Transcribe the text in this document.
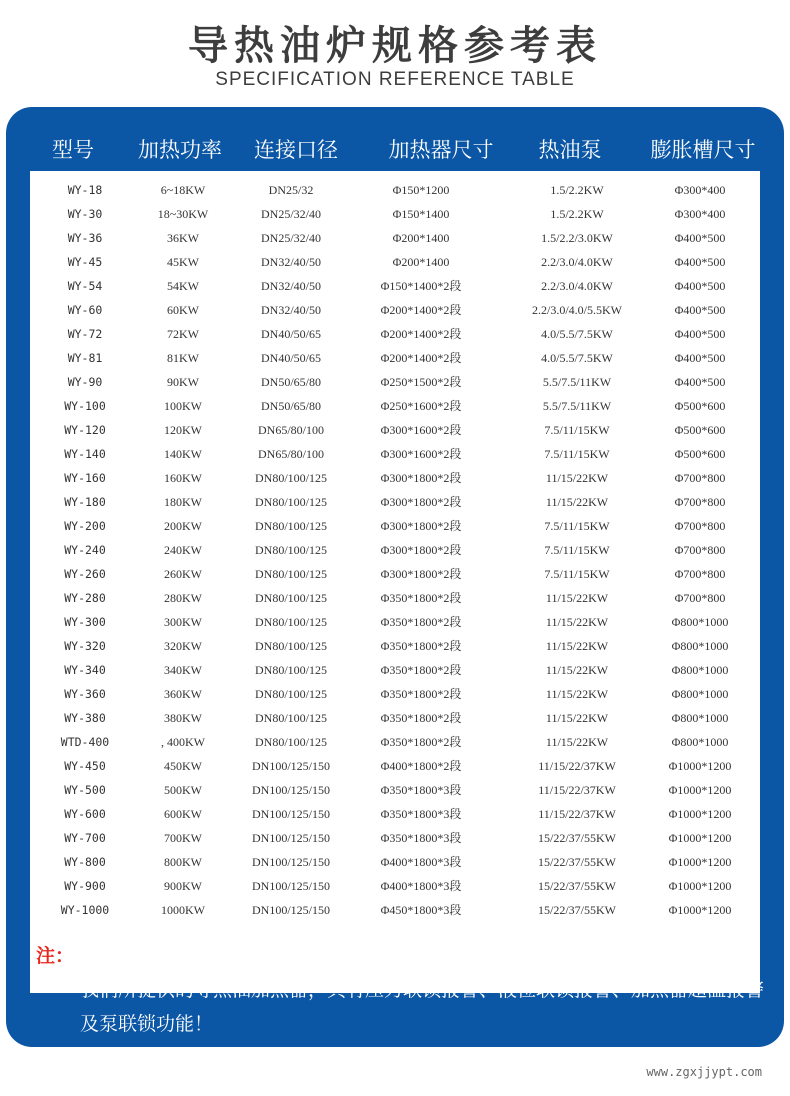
导热油炉规格参考表
SPECIFICATION REFERENCE TABLE
型号	加热功率	连接口径	加热器尺寸	热油泵	膨胀槽尺寸
WY-18	6~18KW	DN25/32	Φ150*1200	1.5/2.2KW	Φ300*400
WY-30	18~30KW	DN25/32/40	Φ150*1400	1.5/2.2KW	Φ300*400
WY-36	36KW	DN25/32/40	Φ200*1400	1.5/2.2/3.0KW	Φ400*500
WY-45	45KW	DN32/40/50	Φ200*1400	2.2/3.0/4.0KW	Φ400*500
WY-54	54KW	DN32/40/50	Φ150*1400*2段	2.2/3.0/4.0KW	Φ400*500
WY-60	60KW	DN32/40/50	Φ200*1400*2段	2.2/3.0/4.0/5.5KW	Φ400*500
WY-72	72KW	DN40/50/65	Φ200*1400*2段	4.0/5.5/7.5KW	Φ400*500
WY-81	81KW	DN40/50/65	Φ200*1400*2段	4.0/5.5/7.5KW	Φ400*500
WY-90	90KW	DN50/65/80	Φ250*1500*2段	5.5/7.5/11KW	Φ400*500
WY-100	100KW	DN50/65/80	Φ250*1600*2段	5.5/7.5/11KW	Φ500*600
WY-120	120KW	DN65/80/100	Φ300*1600*2段	7.5/11/15KW	Φ500*600
WY-140	140KW	DN65/80/100	Φ300*1600*2段	7.5/11/15KW	Φ500*600
WY-160	160KW	DN80/100/125	Φ300*1800*2段	11/15/22KW	Φ700*800
WY-180	180KW	DN80/100/125	Φ300*1800*2段	11/15/22KW	Φ700*800
WY-200	200KW	DN80/100/125	Φ300*1800*2段	7.5/11/15KW	Φ700*800
WY-240	240KW	DN80/100/125	Φ300*1800*2段	7.5/11/15KW	Φ700*800
WY-260	260KW	DN80/100/125	Φ300*1800*2段	7.5/11/15KW	Φ700*800
WY-280	280KW	DN80/100/125	Φ350*1800*2段	11/15/22KW	Φ700*800
WY-300	300KW	DN80/100/125	Φ350*1800*2段	11/15/22KW	Φ800*1000
WY-320	320KW	DN80/100/125	Φ350*1800*2段	11/15/22KW	Φ800*1000
WY-340	340KW	DN80/100/125	Φ350*1800*2段	11/15/22KW	Φ800*1000
WY-360	360KW	DN80/100/125	Φ350*1800*2段	11/15/22KW	Φ800*1000
WY-380	380KW	DN80/100/125	Φ350*1800*2段	11/15/22KW	Φ800*1000
WTD-400	, 400KW	DN80/100/125	Φ350*1800*2段	11/15/22KW	Φ800*1000
WY-450	450KW	DN100/125/150	Φ400*1800*2段	11/15/22/37KW	Φ1000*1200
WY-500	500KW	DN100/125/150	Φ350*1800*3段	11/15/22/37KW	Φ1000*1200
WY-600	600KW	DN100/125/150	Φ350*1800*3段	11/15/22/37KW	Φ1000*1200
WY-700	700KW	DN100/125/150	Φ350*1800*3段	15/22/37/55KW	Φ1000*1200
WY-800	800KW	DN100/125/150	Φ400*1800*3段	15/22/37/55KW	Φ1000*1200
WY-900	900KW	DN100/125/150	Φ400*1800*3段	15/22/37/55KW	Φ1000*1200
WY-1000	1000KW	DN100/125/150	Φ450*1800*3段	15/22/37/55KW	Φ1000*1200
注：以上参数仅供参考！！！ 具体参数根据客户要求确定。
我们所提供的导热油加热器，具有压力联锁报警、液位联锁报警、加热器超温报警及泵联锁功能！
www.zgxjjypt.com
